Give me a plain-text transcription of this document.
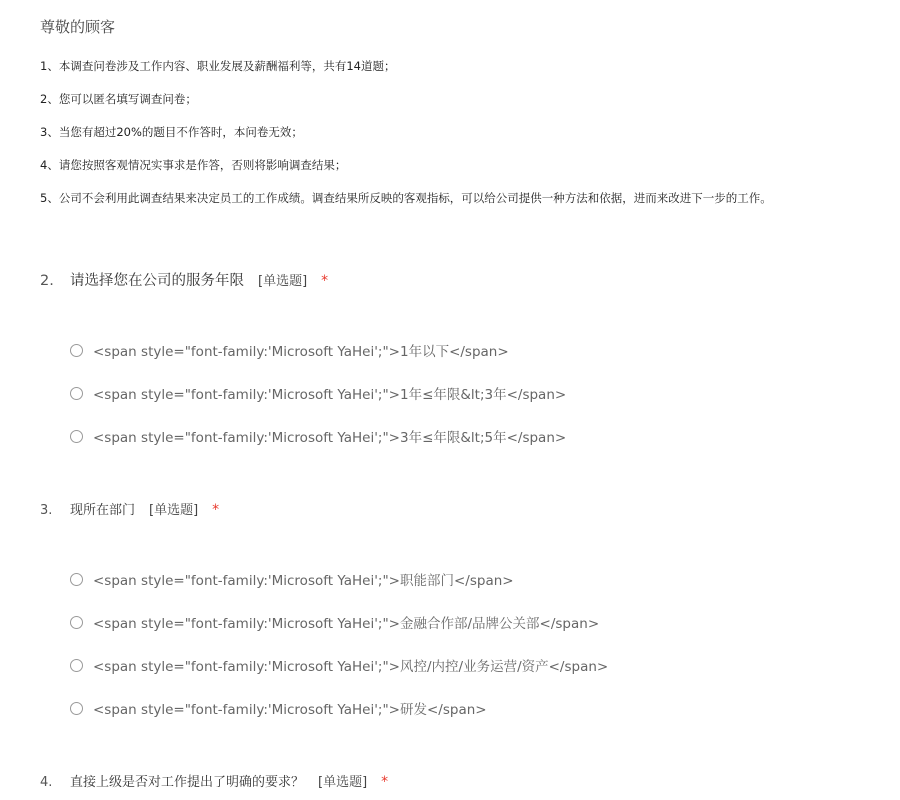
尊敬的顾客
1、本调查问卷涉及工作内容、职业发展及薪酬福利等，共有14道题；
2、您可以匿名填写调查问卷；
3、当您有超过20%的题目不作答时，本问卷无效；
4、请您按照客观情况实事求是作答，否则将影响调查结果；
5、公司不会利用此调查结果来决定员工的工作成绩。调查结果所反映的客观指标，可以给公司提供一种方法和依据，进而来改进下一步的工作。
2.	请选择您在公司的服务年限 [单选题] *
<span style="font-family:'Microsoft YaHei';">1年以下</span>
<span style="font-family:'Microsoft YaHei';">1年≤年限&lt;3年</span>
<span style="font-family:'Microsoft YaHei';">3年≤年限&lt;5年</span>
3.	现所在部门 [单选题] *
<span style="font-family:'Microsoft YaHei';">职能部门</span>
<span style="font-family:'Microsoft YaHei';">金融合作部/品牌公关部</span>
<span style="font-family:'Microsoft YaHei';">风控/内控/业务运营/资产</span>
<span style="font-family:'Microsoft YaHei';">研发</span>
4.	直接上级是否对工作提出了明确的要求？ [单选题] *
